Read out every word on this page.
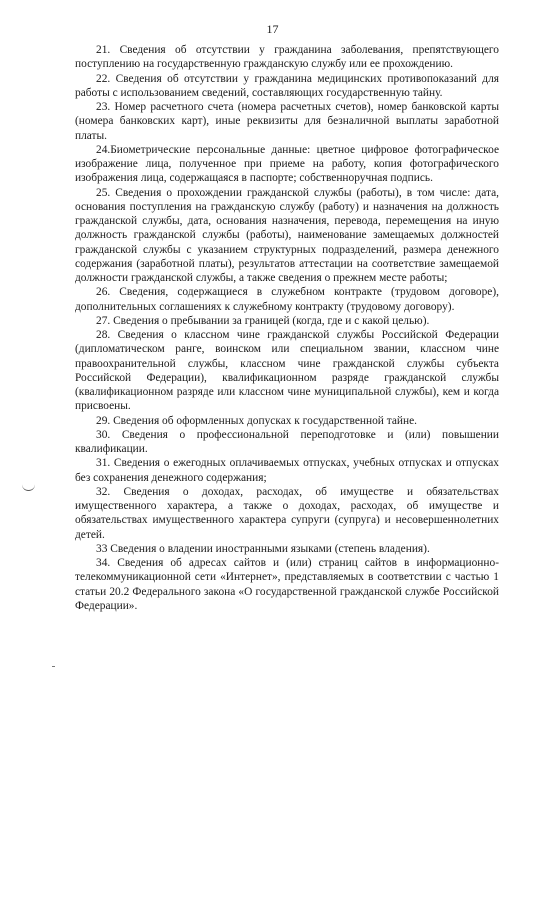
17

21. Сведения об отсутствии у гражданина заболевания, препятствующего поступлению на государственную гражданскую службу или ее прохождению.

22. Сведения об отсутствии у гражданина медицинских противопоказаний для работы с использованием сведений, составляющих государственную тайну.

23. Номер расчетного счета (номера расчетных счетов), номер банковской карты (номера банковских карт), иные реквизиты для безналичной выплаты заработной платы.

24.Биометрические персональные данные: цветное цифровое фотографическое изображение лица, полученное при приеме на работу, копия фотографического изображения лица, содержащаяся в паспорте; собственноручная подпись.

25. Сведения о прохождении гражданской службы (работы), в том числе: дата, основания поступления на гражданскую службу (работу) и назначения на должность гражданской службы, дата, основания назначения, перевода, перемещения на иную должность гражданской службы (работы), наименование замещаемых должностей гражданской службы с указанием структурных подразделений, размера денежного содержания (заработной платы), результатов аттестации на соответствие замещаемой должности гражданской службы, а также сведения о прежнем месте работы;

26. Сведения, содержащиеся в служебном контракте (трудовом договоре), дополнительных соглашениях к служебному контракту (трудовому договору).

27. Сведения о пребывании за границей (когда, где и с какой целью).

28. Сведения о классном чине гражданской службы Российской Федерации (дипломатическом ранге, воинском или специальном звании, классном чине правоохранительной службы, классном чине гражданской службы субъекта Российской Федерации), квалификационном разряде гражданской службы (квалификационном разряде или классном чине муниципальной службы), кем и когда присвоены.

29. Сведения об оформленных допусках к государственной тайне.

30. Сведения о профессиональной переподготовке и (или) повышении квалификации.

31. Сведения о ежегодных оплачиваемых отпусках, учебных отпусках и отпусках без сохранения денежного содержания;

32. Сведения о доходах, расходах, об имуществе и обязательствах имущественного характера, а также о доходах, расходах, об имуществе и обязательствах имущественного характера супруги (супруга) и несовершеннолетних детей.

33 Сведения о владении иностранными языками (степень владения).

34. Сведения об адресах сайтов и (или) страниц сайтов в информационно-телекоммуникационной сети «Интернет», представляемых в соответствии с частью 1 статьи 20.2 Федерального закона «О государственной гражданской службе Российской Федерации».
